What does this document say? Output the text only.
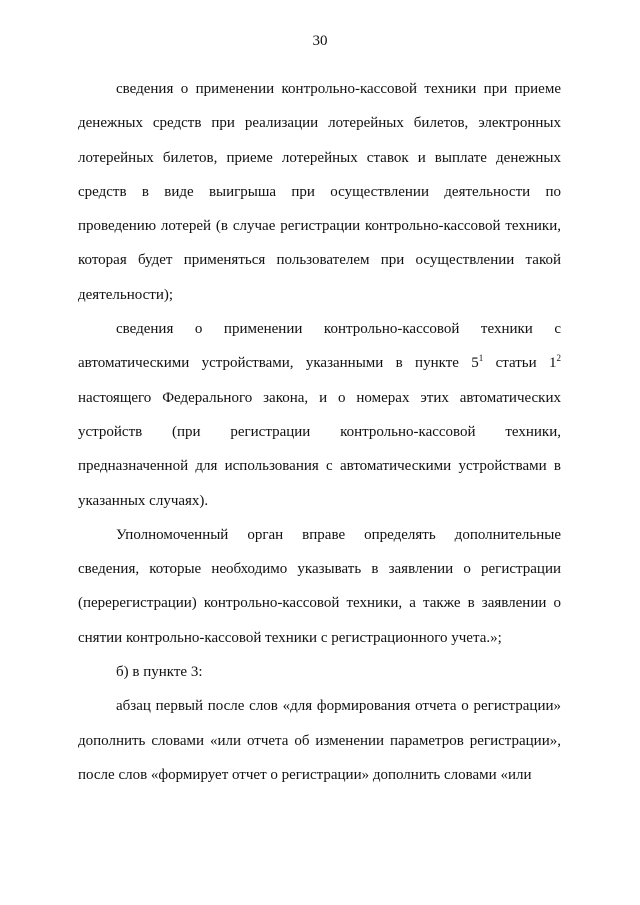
30

сведения о применении контрольно-кассовой техники при приеме денежных средств при реализации лотерейных билетов, электронных лотерейных билетов, приеме лотерейных ставок и выплате денежных средств в виде выигрыша при осуществлении деятельности по проведению лотерей (в случае регистрации контрольно-кассовой техники, которая будет применяться пользователем при осуществлении такой деятельности);

сведения о применении контрольно-кассовой техники с автоматическими устройствами, указанными в пункте $5^1$ статьи $1^2$ настоящего Федерального закона, и о номерах этих автоматических устройств (при регистрации контрольно-кассовой техники, предназначенной для использования с автоматическими устройствами в указанных случаях).

Уполномоченный орган вправе определять дополнительные сведения, которые необходимо указывать в заявлении о регистрации (перерегистрации) контрольно-кассовой техники, а также в заявлении о снятии контрольно-кассовой техники с регистрационного учета.»;

б) в пункте 3:

абзац первый после слов «для формирования отчета о регистрации» дополнить словами «или отчета об изменении параметров регистрации», после слов «формирует отчет о регистрации» дополнить словами «или
